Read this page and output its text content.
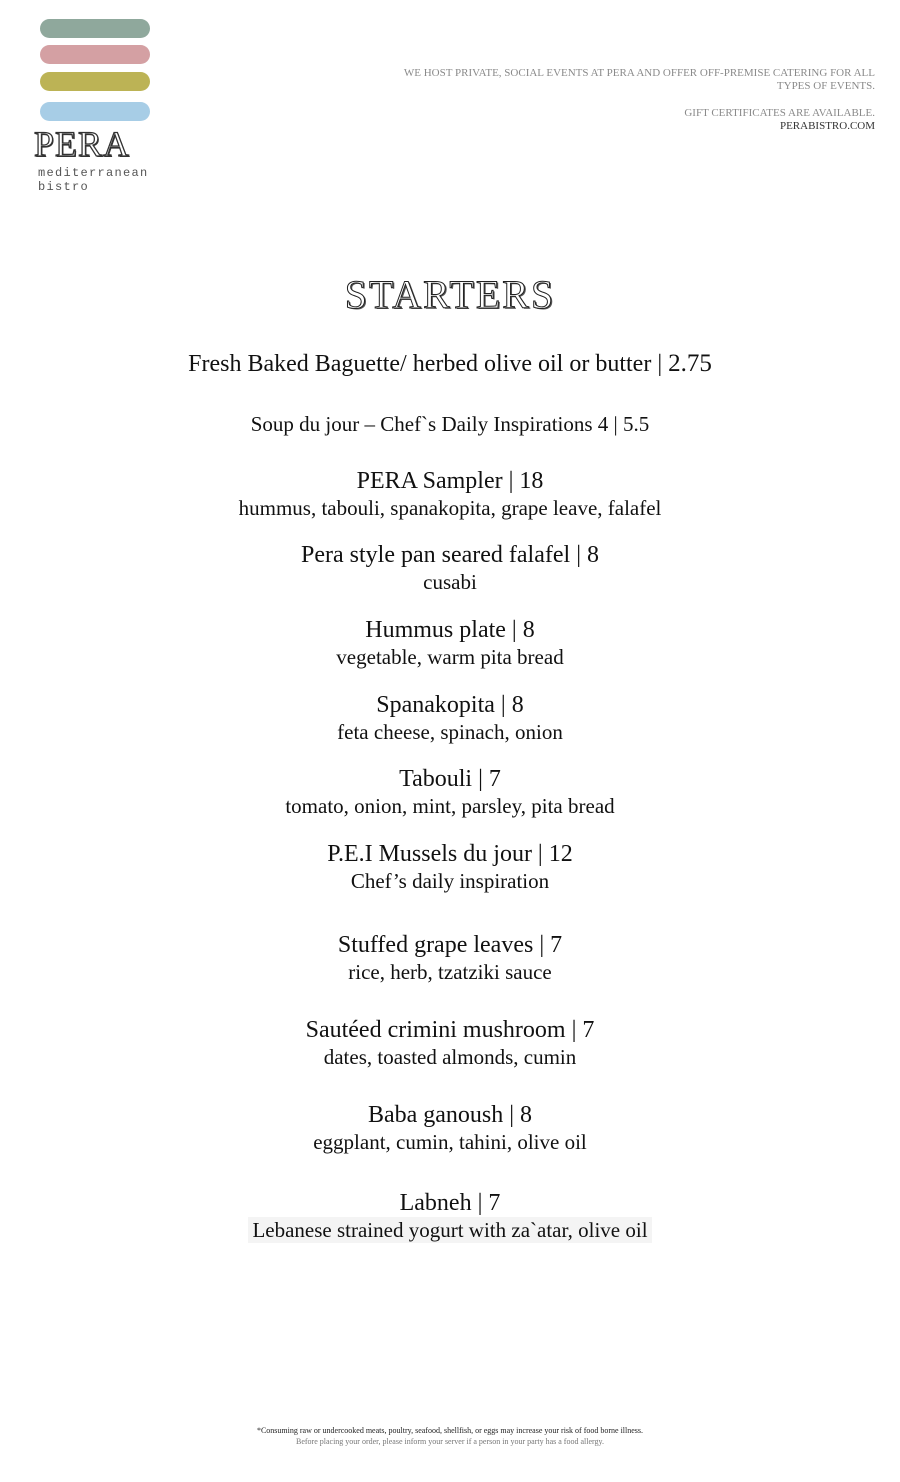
PERA
mediterranean
bistro
WE HOST PRIVATE, SOCIAL EVENTS AT PERA AND OFFER OFF-PREMISE CATERING FOR ALL
TYPES OF EVENTS.
GIFT CERTIFICATES ARE AVAILABLE.
PERABISTRO.COM
STARTERS
Fresh Baked Baguette/ herbed olive oil or butter | 2.75
Soup du jour – Chef`s Daily Inspirations 4 | 5.5
PERA Sampler | 18
hummus, tabouli, spanakopita, grape leave, falafel
Pera style pan seared falafel | 8
cusabi
Hummus plate | 8
vegetable, warm pita bread
Spanakopita | 8
feta cheese, spinach, onion
Tabouli | 7
tomato, onion, mint, parsley, pita bread
P.E.I Mussels du jour | 12
Chef’s daily inspiration
Stuffed grape leaves | 7
rice, herb, tzatziki sauce
Sautéed crimini mushroom | 7
dates, toasted almonds, cumin
Baba ganoush | 8
eggplant, cumin, tahini, olive oil
Labneh | 7
Lebanese strained yogurt with za`atar, olive oil
*Consuming raw or undercooked meats, poultry, seafood, shellfish, or eggs may increase your risk of food borne illness.
Before placing your order, please inform your server if a person in your party has a food allergy.
